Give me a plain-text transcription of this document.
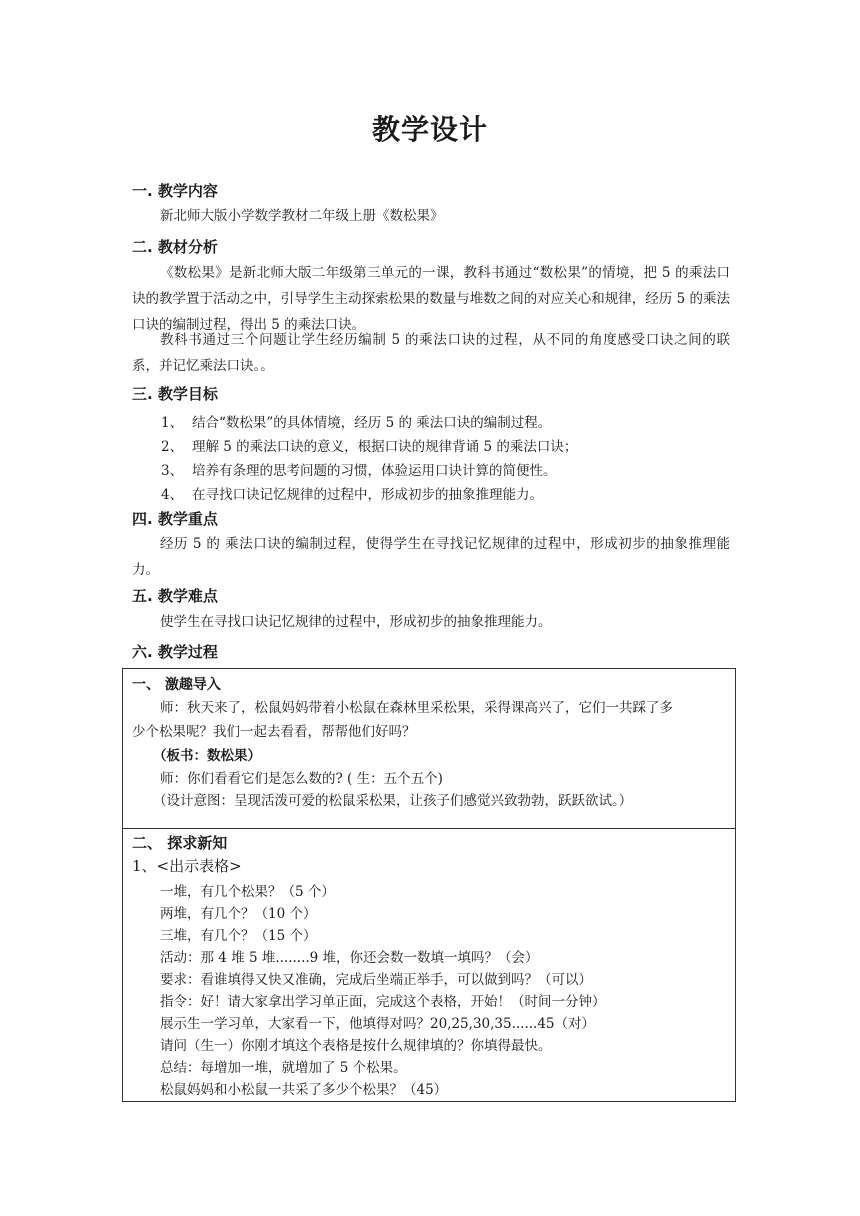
教学设计
一. 教学内容
新北师大版小学数学教材二年级上册《数松果》
二. 教材分析
《数松果》是新北师大版二年级第三单元的一课，教科书通过“数松果”的情境，把 5 的乘法口诀的教学置于活动之中，引导学生主动探索松果的数量与堆数之间的对应关心和规律，经历 5 的乘法口诀的编制过程，得出 5 的乘法口诀。
教科书通过三个问题让学生经历编制 5 的乘法口诀的过程，从不同的角度感受口诀之间的联系，并记忆乘法口诀。。
三. 教学目标
1、 结合“数松果”的具体情境，经历 5 的 乘法口诀的编制过程。
2、 理解 5 的乘法口诀的意义，根据口诀的规律背诵 5 的乘法口诀；
3、 培养有条理的思考问题的习惯，体验运用口诀计算的简便性。
4、 在寻找口诀记忆规律的过程中，形成初步的抽象推理能力。
四. 教学重点
经历 5 的 乘法口诀的编制过程，使得学生在寻找记忆规律的过程中，形成初步的抽象推理能力。
五. 教学难点
使学生在寻找口诀记忆规律的过程中，形成初步的抽象推理能力。
六. 教学过程
一、 激趣导入
师：秋天来了，松鼠妈妈带着小松鼠在森林里采松果，采得课高兴了，它们一共踩了多
少个松果呢？我们一起去看看，帮帮他们好吗？
（板书：数松果）
师：你们看看它们是怎么数的? ( 生：五个五个)
（设计意图：呈现活泼可爱的松鼠采松果，让孩子们感觉兴致勃勃，跃跃欲试。）
二、 探求新知
1、<出示表格>
一堆，有几个松果？（5 个）
两堆，有几个？（10 个）
三堆，有几个？（15 个）
活动：那 4 堆 5 堆........9 堆，你还会数一数填一填吗？（会）
要求：看谁填得又快又准确，完成后坐端正举手，可以做到吗？（可以）
指令：好！请大家拿出学习单正面，完成这个表格，开始！（时间一分钟）
展示生一学习单，大家看一下，他填得对吗？20,25,30,35......45（对）
请问（生一）你刚才填这个表格是按什么规律填的？你填得最快。
总结：每增加一堆，就增加了 5 个松果。
松鼠妈妈和小松鼠一共采了多少个松果？（45）
